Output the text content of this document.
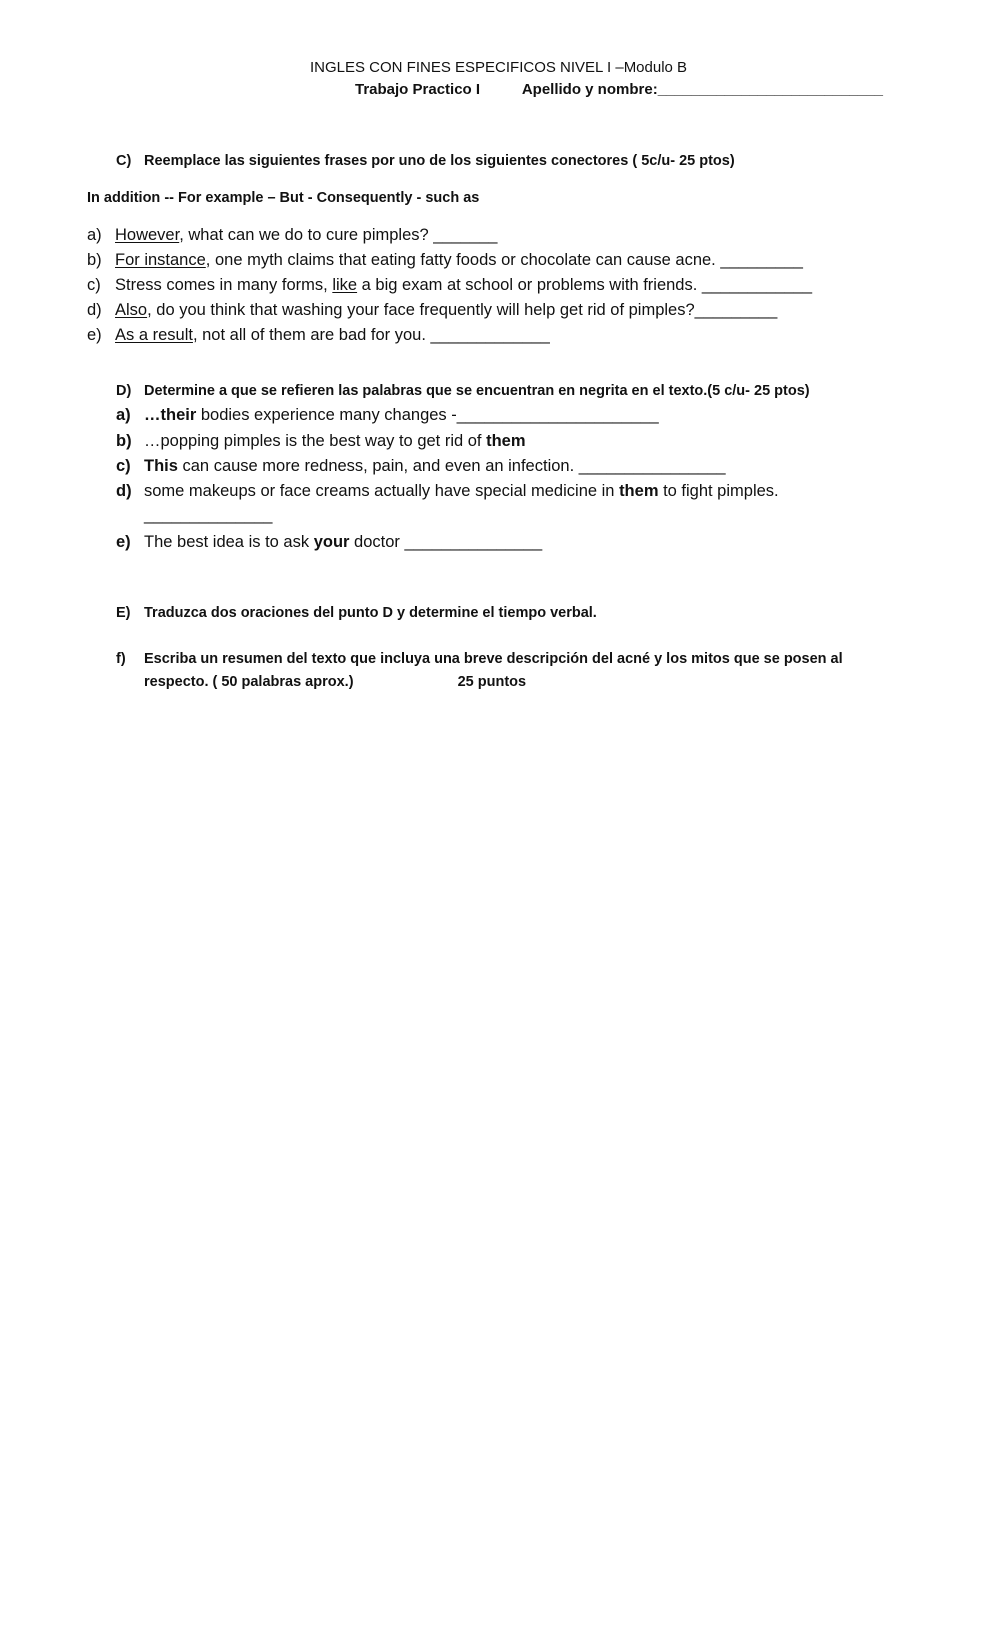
INGLES CON FINES ESPECIFICOS NIVEL I –Modulo B
Trabajo Practico I	Apellido y nombre:___________________________
C) Reemplace las siguientes frases por uno de los siguientes conectores ( 5c/u- 25 ptos)
In addition -- For example – But - Consequently - such as
a) However, what can we do to cure pimples? _______
b) For instance, one myth claims that eating fatty foods or chocolate can cause acne. _________
c) Stress comes in many forms, like a big exam at school or problems with friends. ____________
d) Also, do you think that washing your face frequently will help get rid of pimples?_________
e) As a result, not all of them are bad for you. _____________
D) Determine a que se refieren las palabras que se encuentran en negrita en el texto.(5 c/u- 25 ptos)
a) …their bodies experience many changes -______________________
b) …popping pimples is the best way to get rid of them
c) This can cause more redness, pain, and even an infection. ________________
d) some makeups or face creams actually have special medicine in them to fight pimples.
______________
e) The best idea is to ask your doctor _______________
E) Traduzca dos oraciones del punto D y determine el tiempo verbal.
f) Escriba un resumen del texto que incluya una breve descripción del acné y los mitos que se posen al
respecto. ( 50 palabras aprox.)	25 puntos
